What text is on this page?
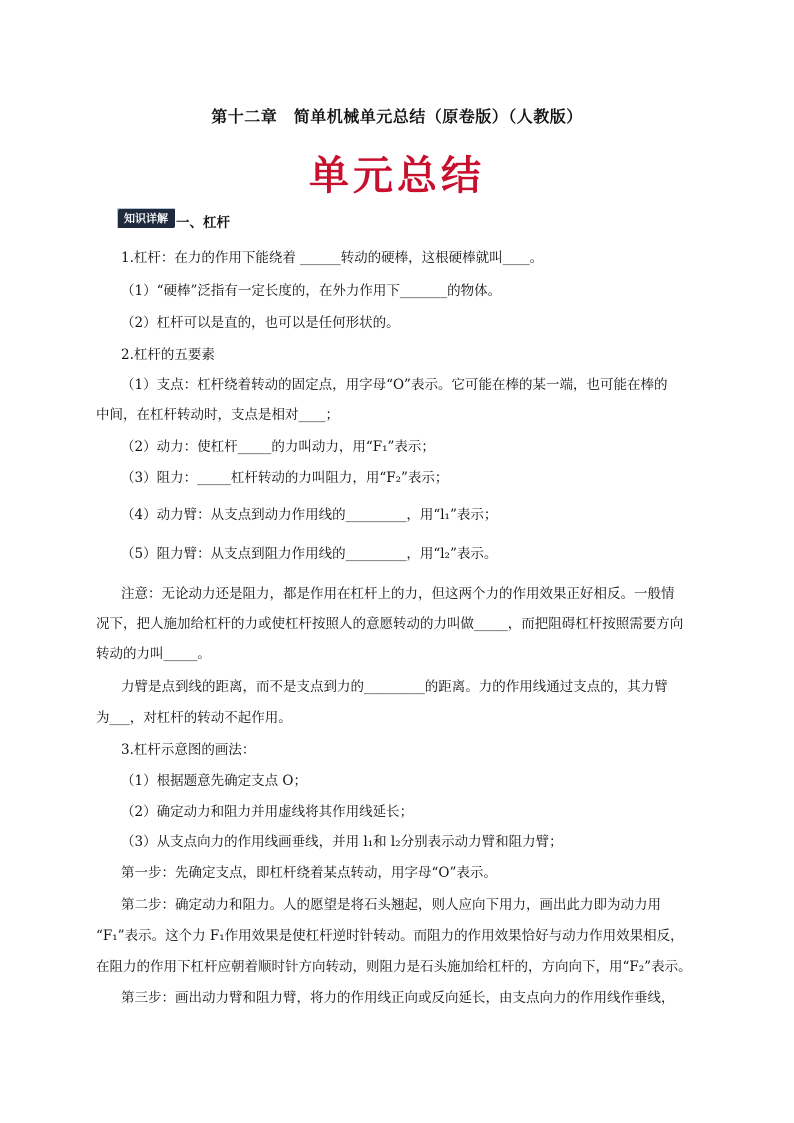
第十二章　简单机械单元总结（原卷版）（人教版）
单元总结
知识详解 一、杠杆
1.杠杆：在力的作用下能绕着 ______转动的硬棒，这根硬棒就叫____。
（1）“硬棒”泛指有一定长度的，在外力作用下_______的物体。
（2）杠杆可以是直的，也可以是任何形状的。
2.杠杆的五要素
（1）支点：杠杆绕着转动的固定点，用字母“O”表示。它可能在棒的某一端，也可能在棒的
中间，在杠杆转动时，支点是相对____；
（2）动力：使杠杆_____的力叫动力，用“F₁”表示；
（3）阻力：_____杠杆转动的力叫阻力，用“F₂”表示；
（4）动力臂：从支点到动力作用线的_________，用“l₁”表示；
（5）阻力臂：从支点到阻力作用线的_________，用“l₂”表示。
注意：无论动力还是阻力，都是作用在杠杆上的力，但这两个力的作用效果正好相反。一般情
况下，把人施加给杠杆的力或使杠杆按照人的意愿转动的力叫做_____，而把阻碍杠杆按照需要方向
转动的力叫_____。
力臂是点到线的距离，而不是支点到力的_________的距离。力的作用线通过支点的，其力臂
为___，对杠杆的转动不起作用。
3.杠杆示意图的画法：
（1）根据题意先确定支点 O；
（2）确定动力和阻力并用虚线将其作用线延长；
（3）从支点向力的作用线画垂线，并用 l₁和 l₂分别表示动力臂和阻力臂；
第一步：先确定支点，即杠杆绕着某点转动，用字母“O”表示。
第二步：确定动力和阻力。人的愿望是将石头翘起，则人应向下用力，画出此力即为动力用
“F₁”表示。这个力 F₁作用效果是使杠杆逆时针转动。而阻力的作用效果恰好与动力作用效果相反，
在阻力的作用下杠杆应朝着顺时针方向转动，则阻力是石头施加给杠杆的，方向向下，用“F₂”表示。
第三步：画出动力臂和阻力臂，将力的作用线正向或反向延长，由支点向力的作用线作垂线，
